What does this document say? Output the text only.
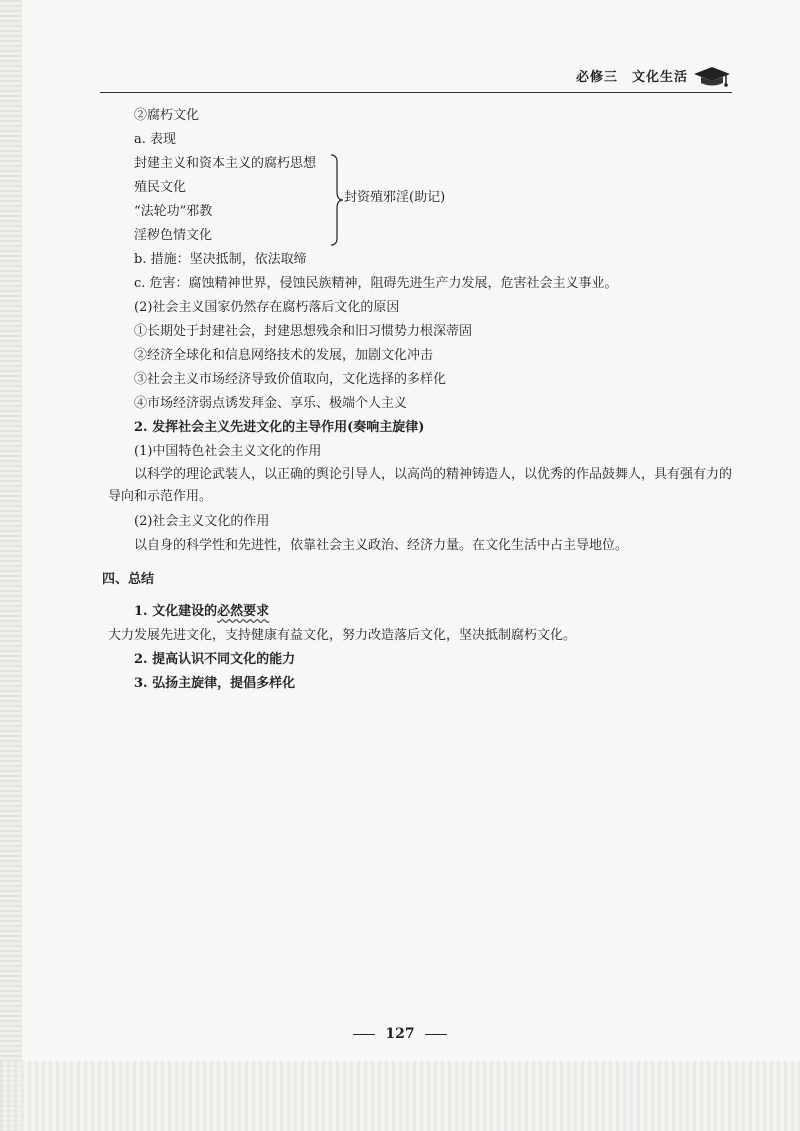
必修三 文化生活
②腐朽文化
a. 表现
封建主义和资本主义的腐朽思想
殖民文化
“法轮功”邪教
淫秽色情文化
封资殖邪淫(助记)
b. 措施：坚决抵制，依法取缔
c. 危害：腐蚀精神世界，侵蚀民族精神，阻碍先进生产力发展，危害社会主义事业。
(2)社会主义国家仍然存在腐朽落后文化的原因
①长期处于封建社会，封建思想残余和旧习惯势力根深蒂固
②经济全球化和信息网络技术的发展，加剧文化冲击
③社会主义市场经济导致价值取向，文化选择的多样化
④市场经济弱点诱发拜金、享乐、极端个人主义
2. 发挥社会主义先进文化的主导作用(奏响主旋律)
(1)中国特色社会主义文化的作用
以科学的理论武装人，以正确的舆论引导人，以高尚的精神铸造人，以优秀的作品鼓舞人，具有强有力的导向和示范作用。
(2)社会主义文化的作用
以自身的科学性和先进性，依靠社会主义政治、经济力量。在文化生活中占主导地位。
四、总结
1. 文化建设的必然要求
大力发展先进文化，支持健康有益文化，努力改造落后文化，坚决抵制腐朽文化。
2. 提高认识不同文化的能力
3. 弘扬主旋律，提倡多样化
127
